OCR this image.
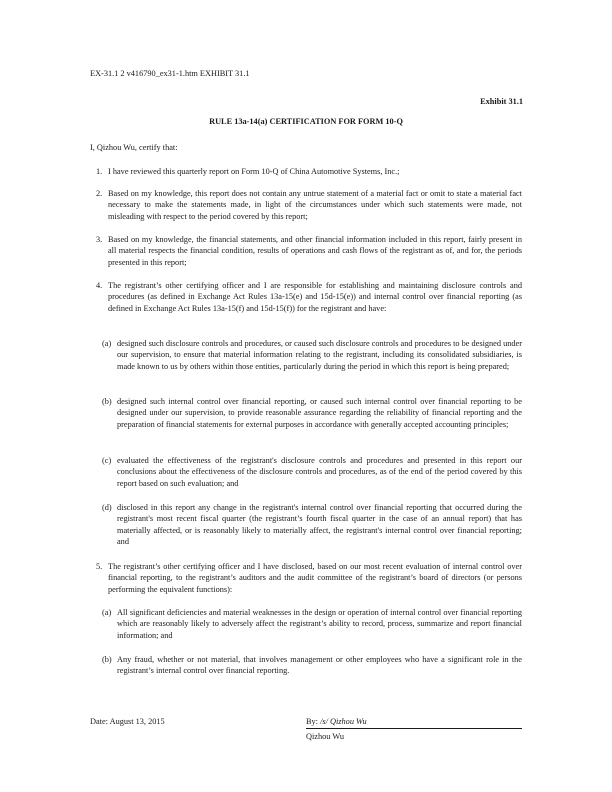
EX-31.1 2 v416790_ex31-1.htm EXHIBIT 31.1
Exhibit 31.1
RULE 13a-14(a) CERTIFICATION FOR FORM 10-Q
I, Qizhou Wu, certify that:
1. I have reviewed this quarterly report on Form 10-Q of China Automotive Systems, Inc.;
2. Based on my knowledge, this report does not contain any untrue statement of a material fact or omit to state a material fact necessary to make the statements made, in light of the circumstances under which such statements were made, not misleading with respect to the period covered by this report;
3. Based on my knowledge, the financial statements, and other financial information included in this report, fairly present in all material respects the financial condition, results of operations and cash flows of the registrant as of, and for, the periods presented in this report;
4. The registrant’s other certifying officer and I are responsible for establishing and maintaining disclosure controls and procedures (as defined in Exchange Act Rules 13a-15(e) and 15d-15(e)) and internal control over financial reporting (as defined in Exchange Act Rules 13a-15(f) and 15d-15(f)) for the registrant and have:
(a) designed such disclosure controls and procedures, or caused such disclosure controls and procedures to be designed under our supervision, to ensure that material information relating to the registrant, including its consolidated subsidiaries, is made known to us by others within those entities, particularly during the period in which this report is being prepared;
(b) designed such internal control over financial reporting, or caused such internal control over financial reporting to be designed under our supervision, to provide reasonable assurance regarding the reliability of financial reporting and the preparation of financial statements for external purposes in accordance with generally accepted accounting principles;
(c) evaluated the effectiveness of the registrant's disclosure controls and procedures and presented in this report our conclusions about the effectiveness of the disclosure controls and procedures, as of the end of the period covered by this report based on such evaluation; and
(d) disclosed in this report any change in the registrant's internal control over financial reporting that occurred during the registrant's most recent fiscal quarter (the registrant’s fourth fiscal quarter in the case of an annual report) that has materially affected, or is reasonably likely to materially affect, the registrant's internal control over financial reporting; and
5. The registrant’s other certifying officer and I have disclosed, based on our most recent evaluation of internal control over financial reporting, to the registrant’s auditors and the audit committee of the registrant’s board of directors (or persons performing the equivalent functions):
(a) All significant deficiencies and material weaknesses in the design or operation of internal control over financial reporting which are reasonably likely to adversely affect the registrant’s ability to record, process, summarize and report financial information; and
(b) Any fraud, whether or not material, that involves management or other employees who have a significant role in the registrant’s internal control over financial reporting.
Date: August 13, 2015	By: /s/ Qizhou Wu
Qizhou Wu
